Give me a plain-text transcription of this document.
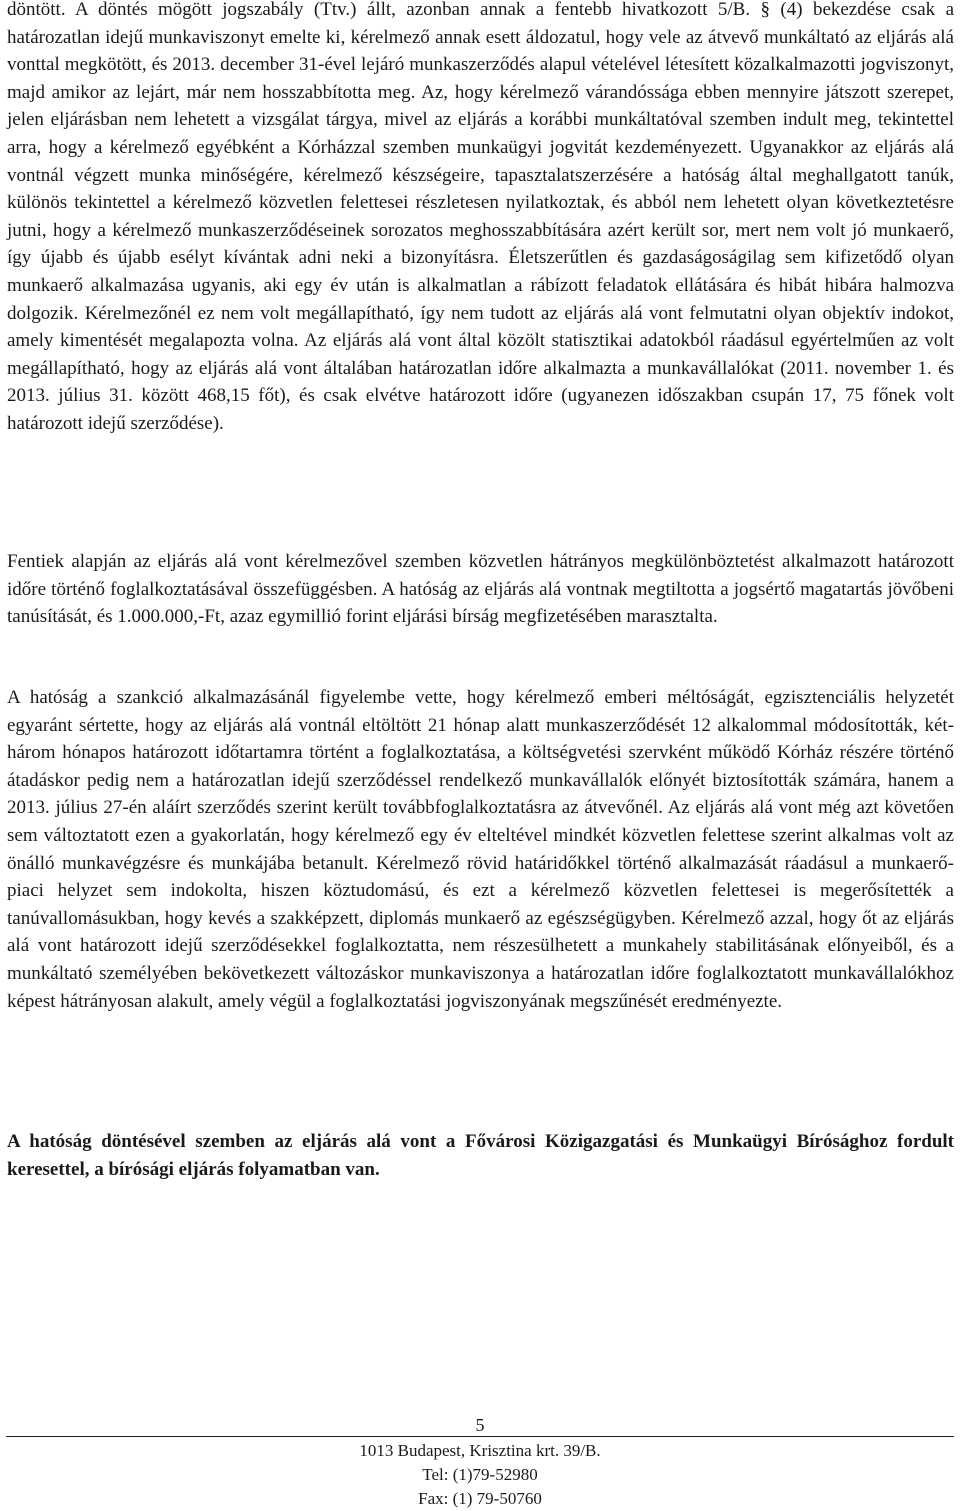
döntött. A döntés mögött jogszabály (Ttv.) állt, azonban annak a fentebb hivatkozott 5/B. § (4) bekezdése csak a határozatlan idejű munkaviszonyt emelte ki, kérelmező annak esett áldozatul, hogy vele az átvevő munkáltató az eljárás alá vonttal megkötött, és 2013. december 31-ével lejáró munkaszerződés alapul vételével létesített közalkalmazotti jogviszonyt, majd amikor az lejárt, már nem hosszabbította meg. Az, hogy kérelmező várandóssága ebben mennyire játszott szerepet, jelen eljárásban nem lehetett a vizsgálat tárgya, mivel az eljárás a korábbi munkáltatóval szemben indult meg, tekintettel arra, hogy a kérelmező egyébként a Kórházzal szemben munkaügyi jogvitát kezdeményezett. Ugyanakkor az eljárás alá vontnál végzett munka minőségére, kérelmező készségeire, tapasztalatszerzésére a hatóság által meghallgatott tanúk, különös tekintettel a kérelmező közvetlen felettesei részletesen nyilatkoztak, és abból nem lehetett olyan következtetésre jutni, hogy a kérelmező munkaszerződéseinek sorozatos meghosszabbítására azért került sor, mert nem volt jó munkaerő, így újabb és újabb esélyt kívántak adni neki a bizonyításra. Életszerűtlen és gazdaságoságilag sem kifizetődő olyan munkaerő alkalmazása ugyanis, aki egy év után is alkalmatlan a rábízott feladatok ellátására és hibát hibára halmozva dolgozik. Kérelmezőnél ez nem volt megállapítható, így nem tudott az eljárás alá vont felmutatni olyan objektív indokot, amely kimentését megalapozta volna. Az eljárás alá vont által közölt statisztikai adatokból ráadásul egyértelműen az volt megállapítható, hogy az eljárás alá vont általában határozatlan időre alkalmazta a munkavállalókat (2011. november 1. és 2013. július 31. között 468,15 főt), és csak elvétve határozott időre (ugyanezen időszakban csupán 17, 75 főnek volt határozott idejű szerződése).

Fentiek alapján az eljárás alá vont kérelmezővel szemben közvetlen hátrányos megkülönböztetést alkalmazott határozott időre történő foglalkoztatásával összefüggésben. A hatóság az eljárás alá vontnak megtiltotta a jogsértő magatartás jövőbeni tanúsítását, és 1.000.000,-Ft, azaz egymillió forint eljárási bírság megfizetésében marasztalta.

A hatóság a szankció alkalmazásánál figyelembe vette, hogy kérelmező emberi méltóságát, egzisztenciális helyzetét egyaránt sértette, hogy az eljárás alá vontnál eltöltött 21 hónap alatt munkaszerződését 12 alkalommal módosították, két-három hónapos határozott időtartamra történt a foglalkoztatása, a költségvetési szervként működő Kórház részére történő átadáskor pedig nem a határozatlan idejű szerződéssel rendelkező munkavállalók előnyét biztosították számára, hanem a 2013. július 27-én aláírt szerződés szerint került továbbfoglalkoztatásra az átvevőnél. Az eljárás alá vont még azt követően sem változtatott ezen a gyakorlatán, hogy kérelmező egy év elteltével mindkét közvetlen felettese szerint alkalmas volt az önálló munkavégzésre és munkájába betanult. Kérelmező rövid határidőkkel történő alkalmazását ráadásul a munkaerő-piaci helyzet sem indokolta, hiszen köztudomású, és ezt a kérelmező közvetlen felettesei is megerősítették a tanúvallomásukban, hogy kevés a szakképzett, diplomás munkaerő az egészségügyben. Kérelmező azzal, hogy őt az eljárás alá vont határozott idejű szerződésekkel foglalkoztatta, nem részesülhetett a munkahely stabilitásának előnyeiből, és a munkáltató személyében bekövetkezett változáskor munkaviszonya a határozatlan időre foglalkoztatott munkavállalókhoz képest hátrányosan alakult, amely végül a foglalkoztatási jogviszonyának megszűnését eredményezte.

A hatóság döntésével szemben az eljárás alá vont a Fővárosi Közigazgatási és Munkaügyi Bírósághoz fordult keresettel, a bírósági eljárás folyamatban van.

5
1013 Budapest, Krisztina krt. 39/B.
Tel: (1)79-52980
Fax: (1) 79-50760
